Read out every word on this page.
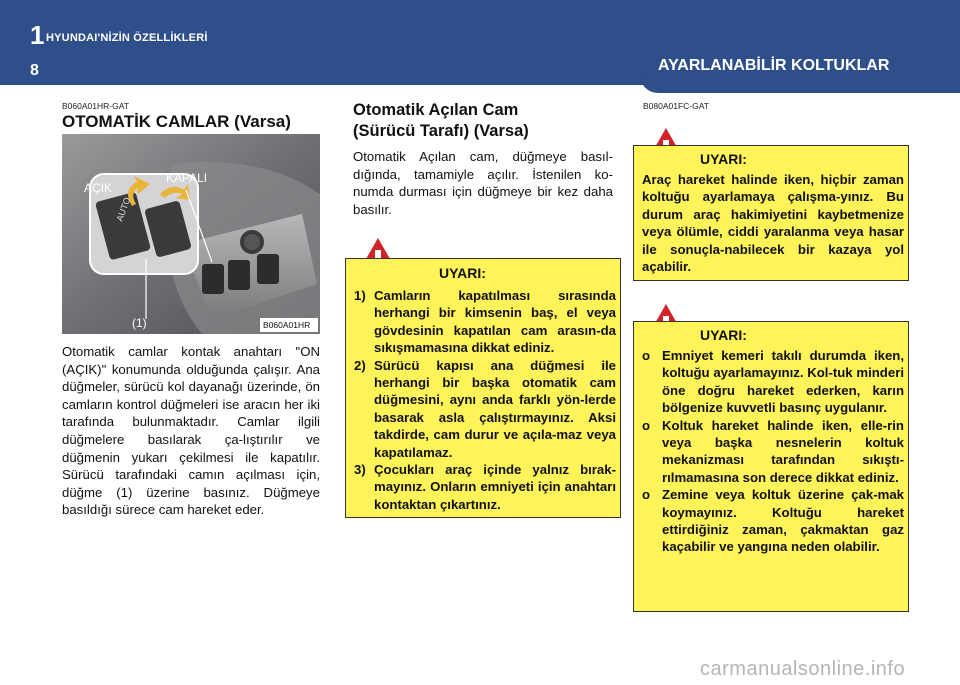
1 HYUNDAI'NİZİN ÖZELLİKLERİ
8	AYARLANABİLİR KOLTUKLAR
B060A01HR-GAT
OTOMATİK CAMLAR (Varsa)
AUTO
AÇIK
KAPALI
(1)	B060A01HR
Otomatik camlar kontak anahtarı "ON (AÇIK)" konumunda olduğunda çalışır. Ana düğmeler, sürücü kol dayanağı üzerinde, ön camların kontrol düğmeleri ise aracın her iki tarafında bulunmaktadır. Camlar ilgili düğmelere basılarak ça-lıştırılır ve düğmenin yukarı çekilmesi ile kapatılır. Sürücü tarafındaki camın açılması için, düğme (1) üzerine basınız. Düğmeye basıldığı sürece cam hareket eder.
Otomatik Açılan Cam
(Sürücü Tarafı) (Varsa)
Otomatik Açılan cam, düğmeye basıl-dığında, tamamiyle açılır. İstenilen ko-numda durması için düğmeye bir kez daha basılır.
UYARI:
1) Camların kapatılması sırasında herhangi bir kimsenin baş, el veya gövdesinin kapatılan cam arasın-da sıkışmamasına dikkat ediniz.
2) Sürücü kapısı ana düğmesi ile herhangi bir başka otomatik cam düğmesini, aynı anda farklı yön-lerde basarak asla çalıştırmayınız. Aksi takdirde, cam durur ve açıla-maz veya kapatılamaz.
3) Çocukları araç içinde yalnız bırak-mayınız. Onların emniyeti için anahtarı kontaktan çıkartınız.
B080A01FC-GAT
UYARI:
Araç hareket halinde iken, hiçbir zaman koltuğu ayarlamaya çalışma-yınız. Bu durum araç hakimiyetini kaybetmenize veya ölümle, ciddi yaralanma veya hasar ile sonuçla-nabilecek bir kazaya yol açabilir.
UYARI:
o Emniyet kemeri takılı durumda iken, koltuğu ayarlamayınız. Kol-tuk minderi öne doğru hareket ederken, karın bölgenize kuvvetli basınç uygulanır.
o Koltuk hareket halinde iken, elle-rin veya başka nesnelerin koltuk mekanizması tarafından sıkıştı-rılmamasına son derece dikkat ediniz.
o Zemine veya koltuk üzerine çak-mak koymayınız. Koltuğu hareket ettirdiğiniz zaman, çakmaktan gaz kaçabilir ve yangına neden olabilir.
carmanualsonline.info
